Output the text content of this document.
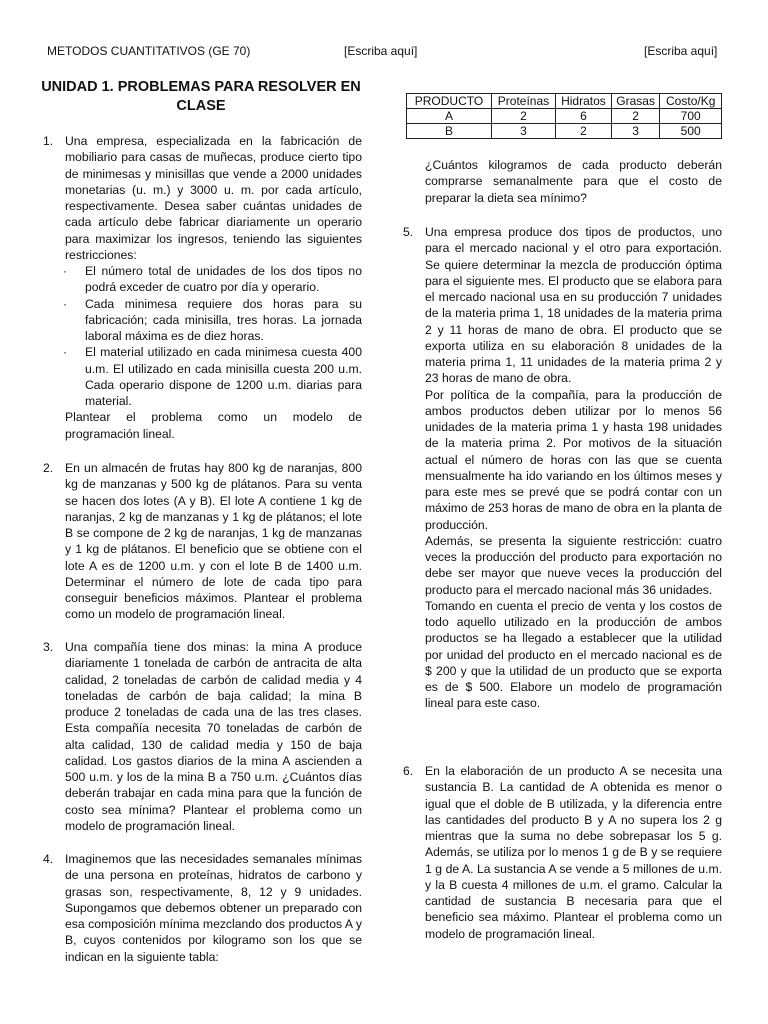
METODOS CUANTITATIVOS (GE 70)	[Escriba aquí]	[Escriba aquí]
UNIDAD 1. PROBLEMAS PARA RESOLVER EN CLASE
1. Una empresa, especializada en la fabricación de mobiliario para casas de muñecas, produce cierto tipo de minimesas y minisillas que vende a 2000 unidades monetarias (u. m.) y 3000 u. m. por cada artículo, respectivamente. Desea saber cuántas unidades de cada artículo debe fabricar diariamente un operario para maximizar los ingresos, teniendo las siguientes restricciones:
· El número total de unidades de los dos tipos no podrá exceder de cuatro por día y operario.
· Cada minimesa requiere dos horas para su fabricación; cada minisilla, tres horas. La jornada laboral máxima es de diez horas.
· El material utilizado en cada minimesa cuesta 400 u.m. El utilizado en cada minisilla cuesta 200 u.m. Cada operario dispone de 1200 u.m. diarias para material.
Plantear el problema como un modelo de programación lineal.
2. En un almacén de frutas hay 800 kg de naranjas, 800 kg de manzanas y 500 kg de plátanos. Para su venta se hacen dos lotes (A y B). El lote A contiene 1 kg de naranjas, 2 kg de manzanas y 1 kg de plátanos; el lote B se compone de 2 kg de naranjas, 1 kg de manzanas y 1 kg de plátanos. El beneficio que se obtiene con el lote A es de 1200 u.m. y con el lote B de 1400 u.m. Determinar el número de lote de cada tipo para conseguir beneficios máximos. Plantear el problema como un modelo de programación lineal.
3. Una compañía tiene dos minas: la mina A produce diariamente 1 tonelada de carbón de antracita de alta calidad, 2 toneladas de carbón de calidad media y 4 toneladas de carbón de baja calidad; la mina B produce 2 toneladas de cada una de las tres clases. Esta compañía necesita 70 toneladas de carbón de alta calidad, 130 de calidad media y 150 de baja calidad. Los gastos diarios de la mina A ascienden a 500 u.m. y los de la mina B a 750 u.m. ¿Cuántos días deberán trabajar en cada mina para que la función de costo sea mínima? Plantear el problema como un modelo de programación lineal.
4. Imaginemos que las necesidades semanales mínimas de una persona en proteínas, hidratos de carbono y grasas son, respectivamente, 8, 12 y 9 unidades. Supongamos que debemos obtener un preparado con esa composición mínima mezclando dos productos A y B, cuyos contenidos por kilogramo son los que se indican en la siguiente tabla:
PRODUCTO	Proteínas	Hidratos	Grasas	Costo/Kg
A	2	6	2	700
B	3	2	3	500
¿Cuántos kilogramos de cada producto deberán comprarse semanalmente para que el costo de preparar la dieta sea mínimo?
5. Una empresa produce dos tipos de productos, uno para el mercado nacional y el otro para exportación. Se quiere determinar la mezcla de producción óptima para el siguiente mes. El producto que se elabora para el mercado nacional usa en su producción 7 unidades de la materia prima 1, 18 unidades de la materia prima 2 y 11 horas de mano de obra. El producto que se exporta utiliza en su elaboración 8 unidades de la materia prima 1, 11 unidades de la materia prima 2 y 23 horas de mano de obra.
Por política de la compañía, para la producción de ambos productos deben utilizar por lo menos 56 unidades de la materia prima 1 y hasta 198 unidades de la materia prima 2. Por motivos de la situación actual el número de horas con las que se cuenta mensualmente ha ido variando en los últimos meses y para este mes se prevé que se podrá contar con un máximo de 253 horas de mano de obra en la planta de producción.
Además, se presenta la siguiente restricción: cuatro veces la producción del producto para exportación no debe ser mayor que nueve veces la producción del producto para el mercado nacional más 36 unidades.
Tomando en cuenta el precio de venta y los costos de todo aquello utilizado en la producción de ambos productos se ha llegado a establecer que la utilidad por unidad del producto en el mercado nacional es de $ 200 y que la utilidad de un producto que se exporta es de $ 500. Elabore un modelo de programación lineal para este caso.
6. En la elaboración de un producto A se necesita una sustancia B. La cantidad de A obtenida es menor o igual que el doble de B utilizada, y la diferencia entre las cantidades del producto B y A no supera los 2 g mientras que la suma no debe sobrepasar los 5 g. Además, se utiliza por lo menos 1 g de B y se requiere 1 g de A. La sustancia A se vende a 5 millones de u.m. y la B cuesta 4 millones de u.m. el gramo. Calcular la cantidad de sustancia B necesaria para que el beneficio sea máximo. Plantear el problema como un modelo de programación lineal.
